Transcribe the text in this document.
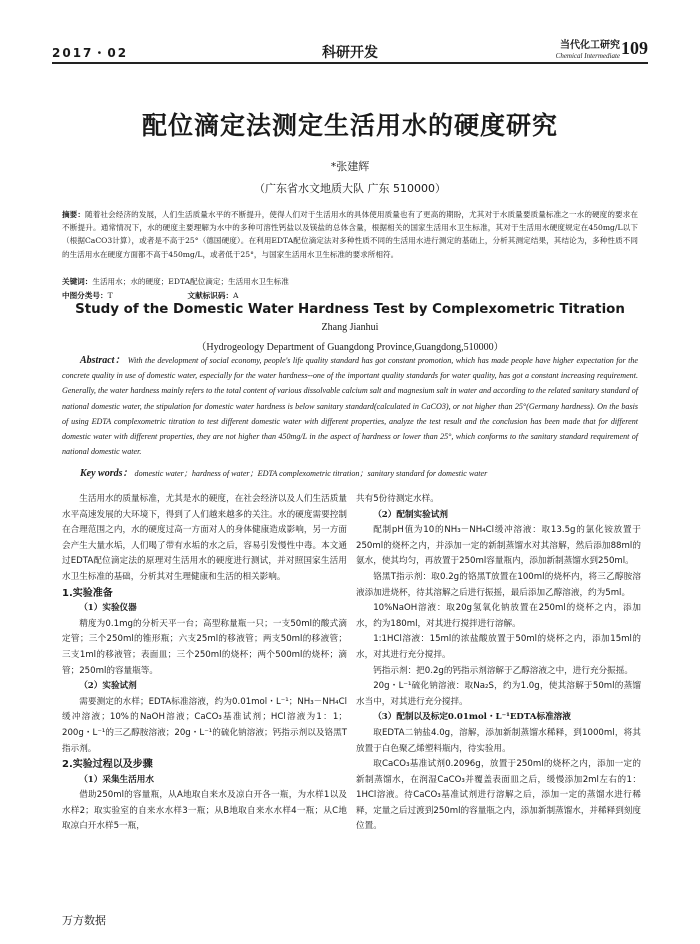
2017・02	科研开发	当代化工研究
Chemical Intermediate 109
配位滴定法测定生活用水的硬度研究
*张建辉
（广东省水文地质大队 广东 510000）
摘要：随着社会经济的发展，人们生活质量水平的不断提升，使得人们对于生活用水的具体使用质量也有了更高的期盼，尤其对于水质量要质量标准之一水的硬度的要求在不断提升。通常情况下，水的硬度主要理解为水中的多种可溶性钙盐以及镁盐的总体含量，根据相关的国家生活用水卫生标准，其对于生活用水硬度规定在450mg/L以下（根据CaCO3计算），或者是不高于25°（德国硬度）。在利用EDTA配位滴定法对多种性质不同的生活用水进行测定的基础上，分析其测定结果，其结论为，多种性质不同的生活用水在硬度方面都不高于450mg/L，或者低于25°，与国家生活用水卫生标准的要求所相符。
关键词：生活用水；水的硬度；EDTA配位滴定；生活用水卫生标准
中图分类号：T	文献标识码：A
Study of the Domestic Water Hardness Test by Complexometric Titration
Zhang Jianhui
（Hydrogeology Department of Guangdong Province,Guangdong,510000）
Abstract： With the development of social economy, people's life quality standard has got constant promotion, which has made people have higher expectation for the concrete quality in use of domestic water, especially for the water hardness--one of the important quality standards for water quality, has got a constant increasing requirement. Generally, the water hardness mainly refers to the total content of various dissolvable calcium salt and magnesium salt in water and according to the related sanitary standard of national domestic water, the stipulation for domestic water hardness is below sanitary standard(calculated in CaCO3), or not higher than 25°(Germany hardness). On the basis of using EDTA complexometric titration to test different domestic water with different properties, analyze the test result and the conclusion has been made that for different domestic water with different properties, they are not higher than 450mg/L in the aspect of hardness or lower than 25°, which conforms to the sanitary standard requirement of national domestic water.
Key words： domestic water；hardness of water；EDTA complexometric titration；sanitary standard for domestic water

生活用水的质量标准，尤其是水的硬度，在社会经济以及人们生活质量水平高速发展的大环境下，得到了人们越来越多的关注。水的硬度需要控制在合理范围之内，水的硬度过高一方面对人的身体健康造成影响，另一方面会产生大量水垢，人们喝了带有水垢的水之后，容易引发慢性中毒。本文通过EDTA配位滴定法的原理对生活用水的硬度进行测试，并对照国家生活用水卫生标准的基础，分析其对生理健康和生活的相关影响。

1.实验准备

（1）实验仪器

精度为0.1mg的分析天平一台；高型称量瓶一只；一支50ml的酸式滴定管；三个250ml的锥形瓶；六支25ml的移液管；两支50ml的移液管；三支1ml的移液管；表面皿；三个250ml的烧杯；两个500ml的烧杯；滴管；250ml的容量瓶等。

（2）实验试剂

需要测定的水样；EDTA标准溶液，约为0.01mol・L⁻¹；NH₃－NH₄Cl缓冲溶液；10%的NaOH溶液；CaCO₃基准试剂；HCl溶液为1：1；200g・L⁻¹的三乙醇胺溶液；20g・L⁻¹的硫化钠溶液；钙指示剂以及铬黑T指示剂。

2.实验过程以及步骤

（1）采集生活用水

借助250ml的容量瓶，从A地取自来水及凉白开各一瓶，为水样1以及水样2；取实验室的自来水水样3一瓶；从B地取自来水水样4一瓶；从C地取凉白开水样5一瓶，

共有5份待测定水样。

（2）配制实验试剂

配制pH值为10的NH₃－NH₄Cl缓冲溶液：取13.5g的氯化铵放置于250ml的烧杯之内，并添加一定的新制蒸馏水对其溶解，然后添加88ml的氨水，使其均匀，再放置于250ml容量瓶内，添加新制蒸馏水到250ml。

铬黑T指示剂：取0.2g的铬黑T放置在100ml的烧杯内，将三乙醇胺溶液添加进烧杯，待其溶解之后进行振摇，最后添加乙醇溶液，约为5ml。

10%NaOH溶液：取20g氢氧化钠放置在250ml的烧杯之内，添加水，约为180ml，对其进行搅拌进行溶解。

1:1HCl溶液：15ml的浓盐酸放置于50ml的烧杯之内，添加15ml的水，对其进行充分搅拌。

钙指示剂：把0.2g的钙指示剂溶解于乙醇溶液之中，进行充分振摇。

20g・L⁻¹硫化钠溶液：取Na₂S，约为1.0g，使其溶解于50ml的蒸馏水当中，对其进行充分搅拌。

（3）配制以及标定0.01mol・L⁻¹EDTA标准溶液

取EDTA二钠盐4.0g，溶解，添加新制蒸馏水稀释，到1000ml，将其放置于白色聚乙烯塑料瓶内，待实验用。

取CaCO₃基准试剂0.2096g，放置于250ml的烧杯之内，添加一定的新制蒸馏水，在润湿CaCO₃并覆盖表面皿之后，缓慢添加2ml左右的1：1HCl溶液。待CaCO₃基准试剂进行溶解之后，添加一定的蒸馏水进行稀释，定量之后过渡到250ml的容量瓶之内，添加新制蒸馏水，并稀释到刻度位置。

万方数据
